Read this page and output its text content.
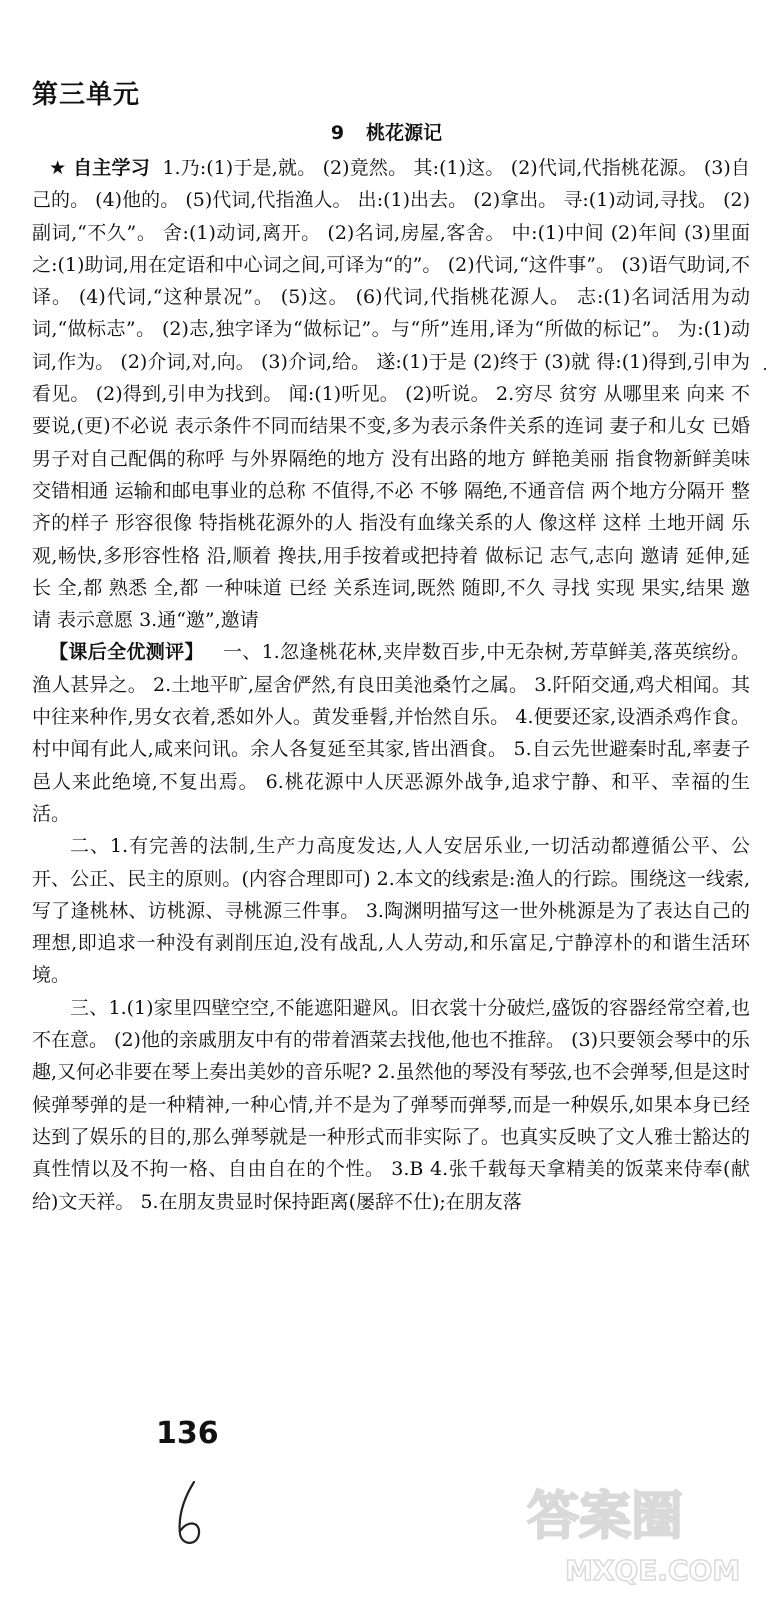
第三单元
9 桃花源记

★ 自主学习 1.乃:(1)于是,就。 (2)竟然。 其:(1)这。 (2)代词,代指桃花源。 (3)自己的。 (4)他的。 (5)代词,代指渔人。 出:(1)出去。 (2)拿出。 寻:(1)动词,寻找。 (2)副词,“不久”。 舍:(1)动词,离开。 (2)名词,房屋,客舍。 中:(1)中间 (2)年间 (3)里面 之:(1)助词,用在定语和中心词之间,可译为“的”。 (2)代词,“这件事”。 (3)语气助词,不译。 (4)代词,“这种景况”。 (5)这。 (6)代词,代指桃花源人。 志:(1)名词活用为动词,“做标志”。 (2)志,独字译为“做标记”。与“所”连用,译为“所做的标记”。 为:(1)动词,作为。 (2)介词,对,向。 (3)介词,给。 遂:(1)于是 (2)终于 (3)就 得:(1)得到,引申为看见。 (2)得到,引申为找到。 闻:(1)听见。 (2)听说。 2.穷尽 贫穷 从哪里来 向来 不要说,(更)不必说 表示条件不同而结果不变,多为表示条件关系的连词 妻子和儿女 已婚男子对自己配偶的称呼 与外界隔绝的地方 没有出路的地方 鲜艳美丽 指食物新鲜美味 交错相通 运输和邮电事业的总称 不值得,不必 不够 隔绝,不通音信 两个地方分隔开 整齐的样子 形容很像 特指桃花源外的人 指没有血缘关系的人 像这样 这样 土地开阔 乐观,畅快,多形容性格 沿,顺着 搀扶,用手按着或把持着 做标记 志气,志向 邀请 延伸,延长 全,都 熟悉 全,都 一种味道 已经 关系连词,既然 随即,不久 寻找 实现 果实,结果 邀请 表示意愿 3.通“邀”,邀请

【课后全优测评】 一、1.忽逢桃花林,夹岸数百步,中无杂树,芳草鲜美,落英缤纷。渔人甚异之。 2.土地平旷,屋舍俨然,有良田美池桑竹之属。 3.阡陌交通,鸡犬相闻。其中往来种作,男女衣着,悉如外人。黄发垂髫,并怡然自乐。 4.便要还家,设酒杀鸡作食。村中闻有此人,咸来问讯。余人各复延至其家,皆出酒食。 5.自云先世避秦时乱,率妻子邑人来此绝境,不复出焉。 6.桃花源中人厌恶源外战争,追求宁静、和平、幸福的生活。

二、1.有完善的法制,生产力高度发达,人人安居乐业,一切活动都遵循公平、公开、公正、民主的原则。(内容合理即可) 2.本文的线索是:渔人的行踪。围绕这一线索,写了逢桃林、访桃源、寻桃源三件事。 3.陶渊明描写这一世外桃源是为了表达自己的理想,即追求一种没有剥削压迫,没有战乱,人人劳动,和乐富足,宁静淳朴的和谐生活环境。

三、1.(1)家里四壁空空,不能遮阳避风。旧衣裳十分破烂,盛饭的容器经常空着,也不在意。 (2)他的亲戚朋友中有的带着酒菜去找他,他也不推辞。 (3)只要领会琴中的乐趣,又何必非要在琴上奏出美妙的音乐呢? 2.虽然他的琴没有琴弦,也不会弹琴,但是这时候弹琴弹的是一种精神,一种心情,并不是为了弹琴而弹琴,而是一种娱乐,如果本身已经达到了娱乐的目的,那么弹琴就是一种形式而非实际了。也真实反映了文人雅士豁达的真性情以及不拘一格、自由自在的个性。 3.B 4.张千载每天拿精美的饭菜来侍奉(献给)文天祥。 5.在朋友贵显时保持距离(屡辞不仕);在朋友落

136
答案圈
MXQE.COM
